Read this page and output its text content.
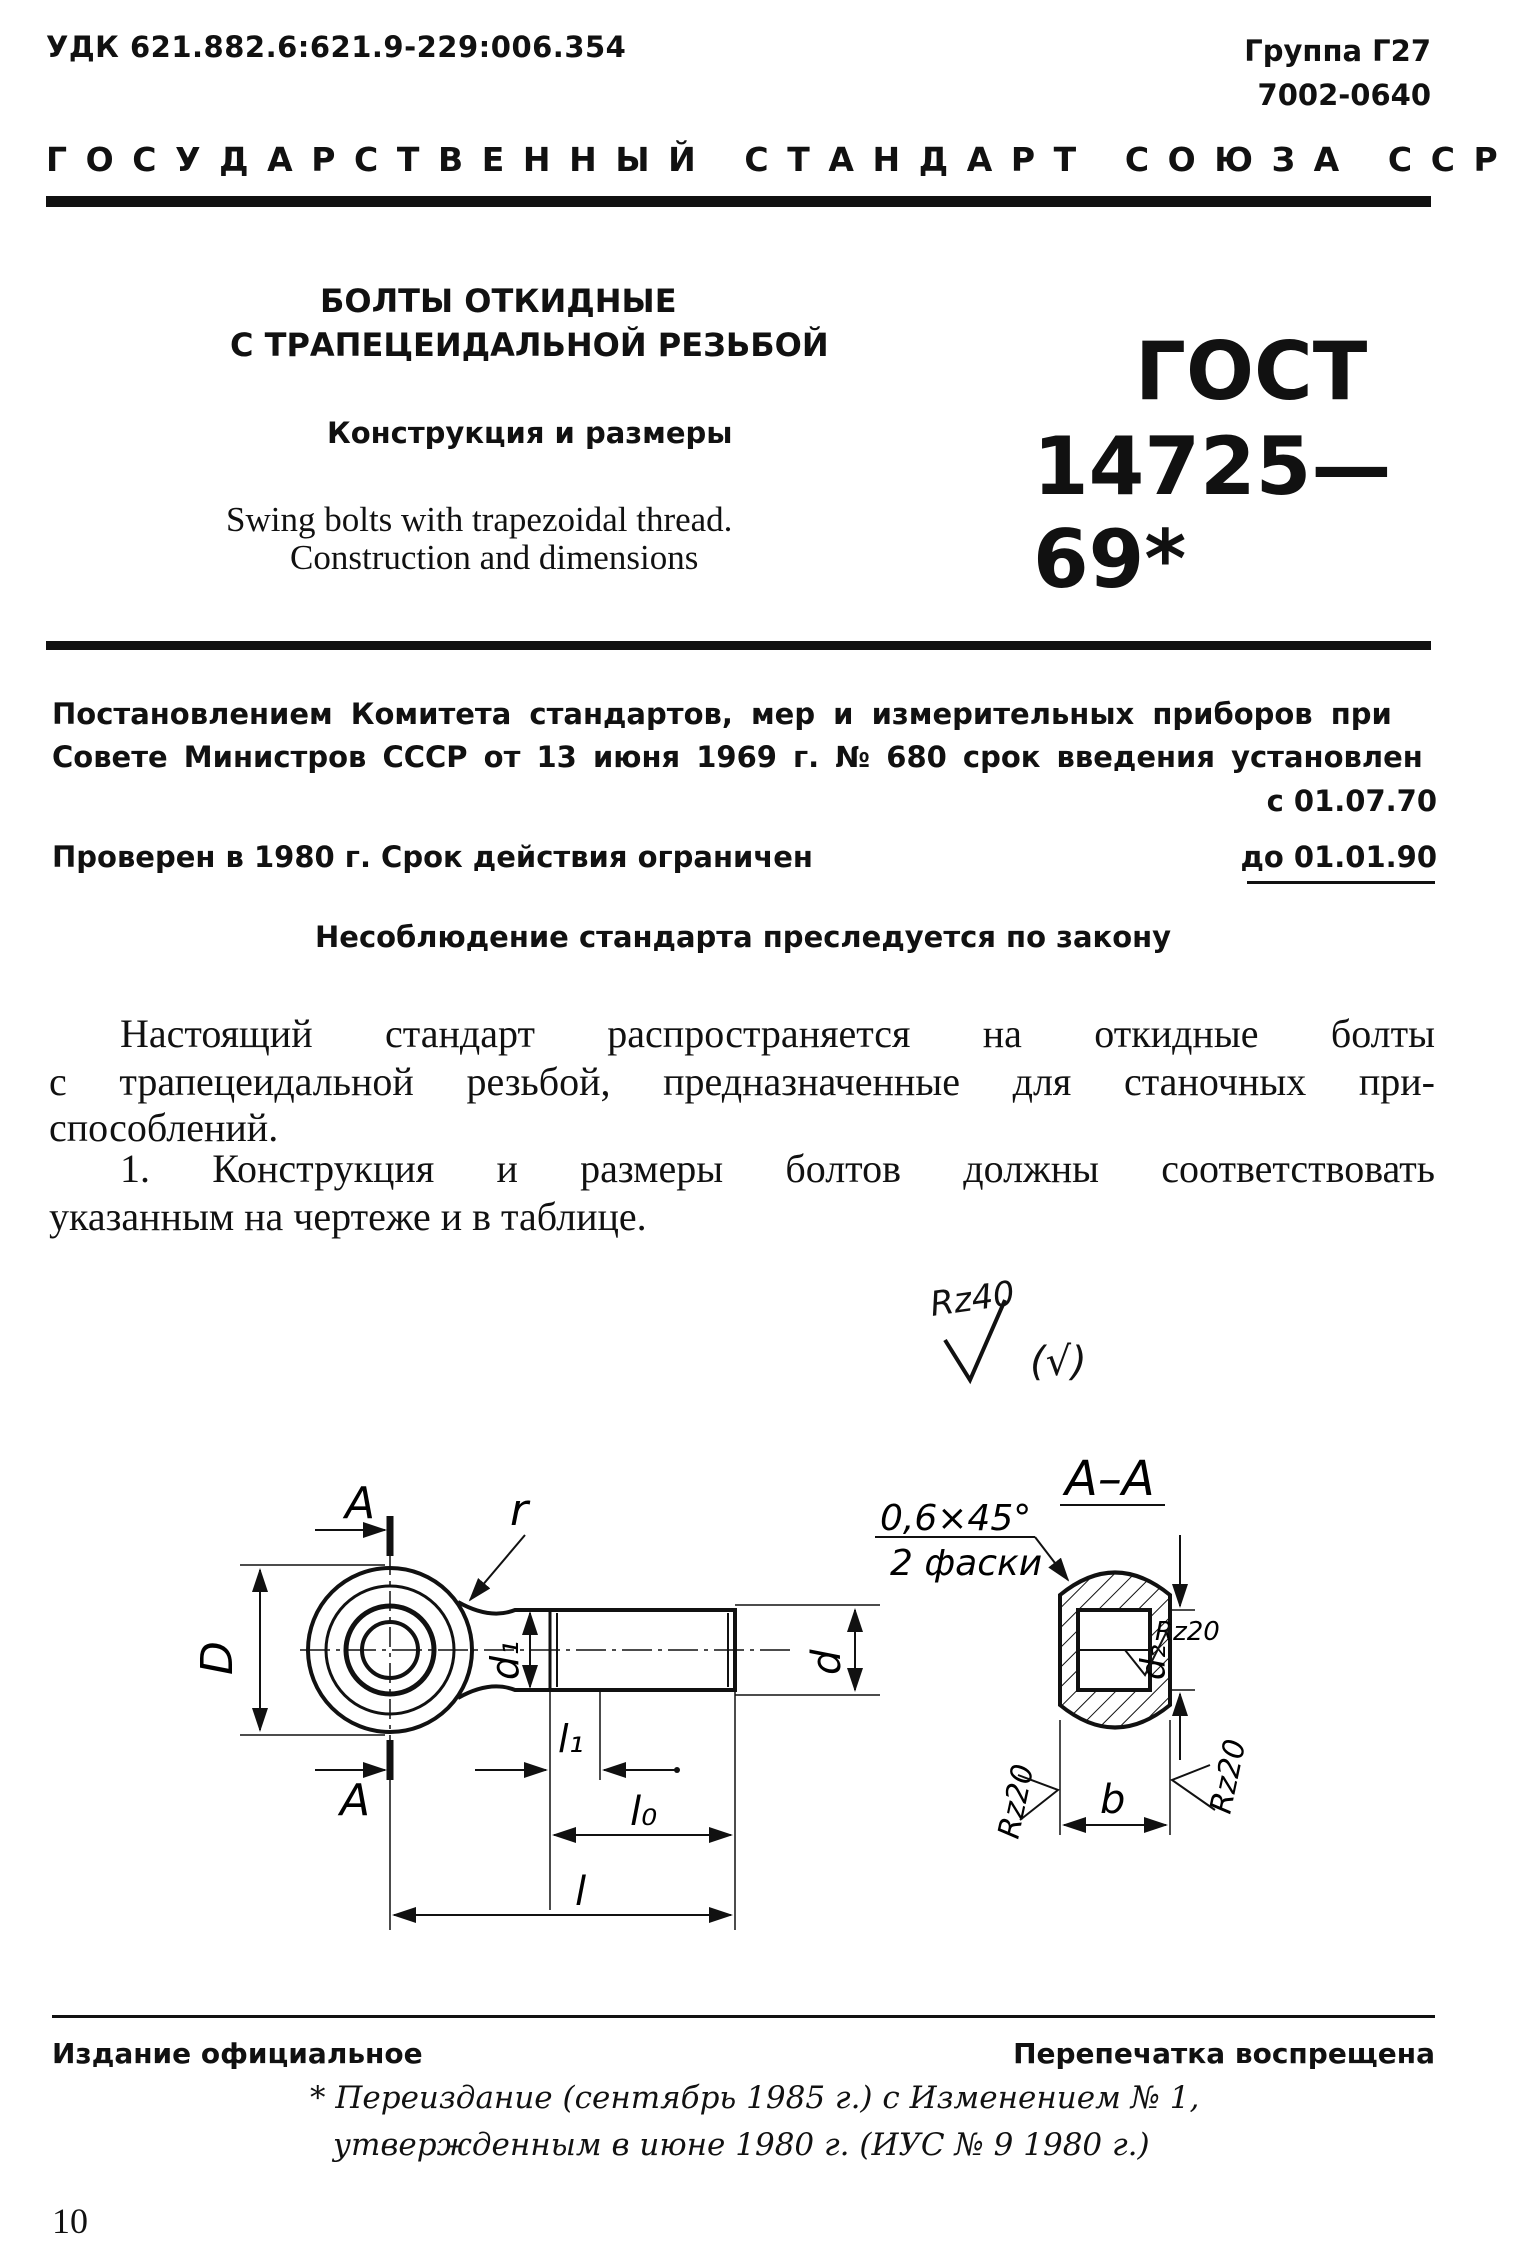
УДК 621.882.6:621.9-229:006.354	Группа Г27
7002-0640
ГОСУДАРСТВЕННЫЙ СТАНДАРТ СОЮЗА ССР
БОЛТЫ ОТКИДНЫЕ
С ТРАПЕЦЕИДАЛЬНОЙ РЕЗЬБОЙ
Конструкция и размеры
Swing bolts with trapezoidal thread.
Construction and dimensions
ГОСТ
14725—69*
Постановлением Комитета стандартов, мер и измерительных приборов при
Совете Министров СССР от 13 июня 1969 г. № 680 срок введения установлен
с 01.07.70
Проверен в 1980 г. Срок действия ограничен	до 01.01.90
Несоблюдение стандарта преследуется по закону
Настоящий стандарт распространяется на откидные болты
с трапецеидальной резьбой, предназначенные для станочных при-
способлений.
1. Конструкция и размеры болтов должны соответствовать
указанным на чертеже и в таблице.
Rz40
(√)
A
A
D
r
d₁	d
l₁
l₀
l
A–A
0,6×45°
2 фаски
d₂
Rz20
b
Rz20	Rz20
Издание официальное	Перепечатка воспрещена
* Переиздание (сентябрь 1985 г.) с Изменением № 1,
утвержденным в июне 1980 г. (ИУС № 9 1980 г.)
10
